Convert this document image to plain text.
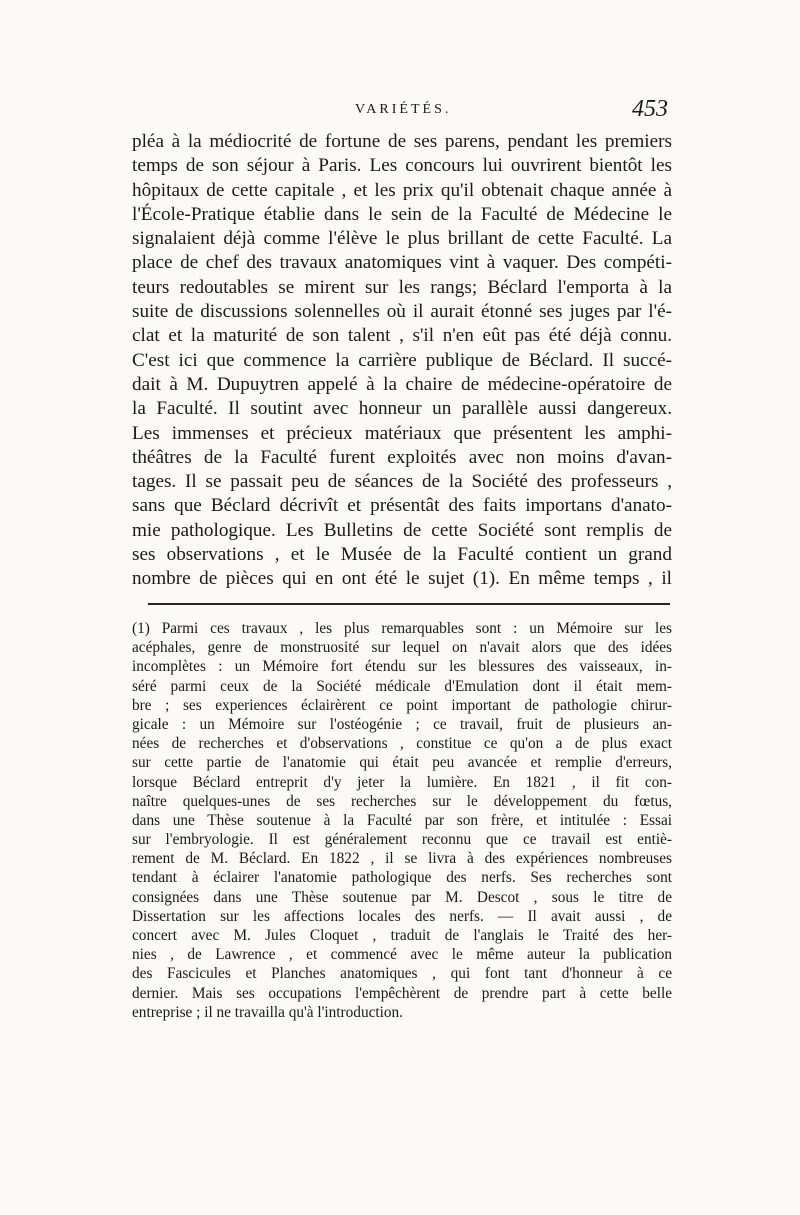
VARIÉTÉS.	453
pléa à la médiocrité de fortune de ses parens, pendant les premiers
temps de son séjour à Paris. Les concours lui ouvrirent bientôt les
hôpitaux de cette capitale , et les prix qu'il obtenait chaque année à
l'École-Pratique établie dans le sein de la Faculté de Médecine le
signalaient déjà comme l'élève le plus brillant de cette Faculté. La
place de chef des travaux anatomiques vint à vaquer. Des compéti-
teurs redoutables se mirent sur les rangs; Béclard l'emporta à la
suite de discussions solennelles où il aurait étonné ses juges par l'é-
clat et la maturité de son talent , s'il n'en eût pas été déjà connu.
C'est ici que commence la carrière publique de Béclard. Il succé-
dait à M. Dupuytren appelé à la chaire de médecine-opératoire de
la Faculté. Il soutint avec honneur un parallèle aussi dangereux.
Les immenses et précieux matériaux que présentent les amphi-
théâtres de la Faculté furent exploités avec non moins d'avan-
tages. Il se passait peu de séances de la Société des professeurs ,
sans que Béclard décrivît et présentât des faits importans d'anato-
mie pathologique. Les Bulletins de cette Société sont remplis de
ses observations , et le Musée de la Faculté contient un grand
nombre de pièces qui en ont été le sujet (1). En même temps , il
(1) Parmi ces travaux , les plus remarquables sont : un Mémoire sur les
acéphales, genre de monstruosité sur lequel on n'avait alors que des idées
incomplètes : un Mémoire fort étendu sur les blessures des vaisseaux, in-
séré parmi ceux de la Société médicale d'Emulation dont il était mem-
bre ; ses experiences éclairèrent ce point important de pathologie chirur-
gicale : un Mémoire sur l'ostéogénie ; ce travail, fruit de plusieurs an-
nées de recherches et d'observations , constitue ce qu'on a de plus exact
sur cette partie de l'anatomie qui était peu avancée et remplie d'erreurs,
lorsque Béclard entreprit d'y jeter la lumière. En 1821 , il fit con-
naître quelques-unes de ses recherches sur le développement du fœtus,
dans une Thèse soutenue à la Faculté par son frère, et intitulée : Essai
sur l'embryologie. Il est généralement reconnu que ce travail est entiè-
rement de M. Béclard. En 1822 , il se livra à des expériences nombreuses
tendant à éclairer l'anatomie pathologique des nerfs. Ses recherches sont
consignées dans une Thèse soutenue par M. Descot , sous le titre de
Dissertation sur les affections locales des nerfs. — Il avait aussi , de
concert avec M. Jules Cloquet , traduit de l'anglais le Traité des her-
nies , de Lawrence , et commencé avec le même auteur la publication
des Fascicules et Planches anatomiques , qui font tant d'honneur à ce
dernier. Mais ses occupations l'empêchèrent de prendre part à cette belle
entreprise ; il ne travailla qu'à l'introduction.
